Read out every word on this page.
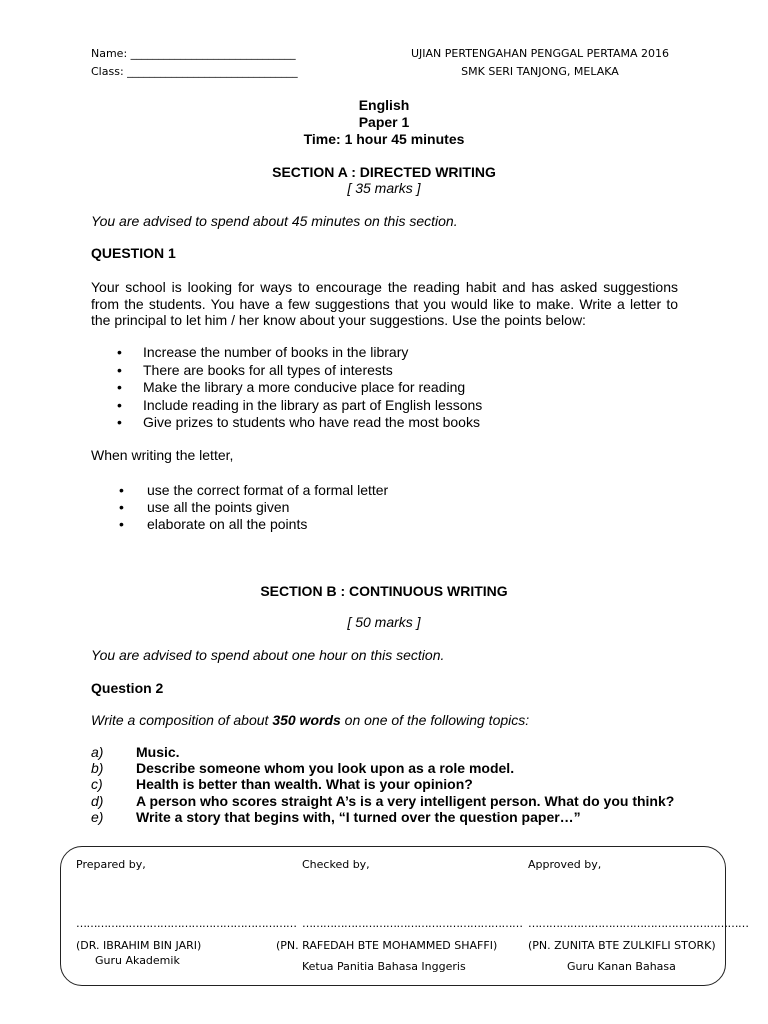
Name: ______________________________
Class: _______________________________
UJIAN PERTENGAHAN PENGGAL PERTAMA 2016
SMK SERI TANJONG, MELAKA
English
Paper 1
Time: 1 hour 45 minutes
SECTION A : DIRECTED WRITING
[ 35 marks ]
You are advised to spend about 45 minutes on this section.
QUESTION 1
Your school is looking for ways to encourage the reading habit and has asked suggestions from the students. You have a few suggestions that you would like to make. Write a letter to the principal to let him / her know about your suggestions. Use the points below:
• Increase the number of books in the library
• There are books for all types of interests
• Make the library a more conducive place for reading
• Include reading in the library as part of English lessons
• Give prizes to students who have read the most books
When writing the letter,
• use the correct format of a formal letter
• use all the points given
• elaborate on all the points
SECTION B : CONTINUOUS WRITING
[ 50 marks ]
You are advised to spend about one hour on this section.
Question 2
Write a composition of about 350 words on one of the following topics:
a) Music.
b) Describe someone whom you look upon as a role model.
c) Health is better than wealth. What is your opinion?
d) A person who scores straight A’s is a very intelligent person. What do you think?
e) Write a story that begins with, “I turned over the question paper…”
Prepared by,
………………………………………………………
(DR. IBRAHIM BIN JARI)
Guru Akademik
Checked by,
………………………………………………………
(PN. RAFEDAH BTE MOHAMMED SHAFFI)
Ketua Panitia Bahasa Inggeris
Approved by,
………………………………………………………
(PN. ZUNITA BTE ZULKIFLI STORK)
Guru Kanan Bahasa
